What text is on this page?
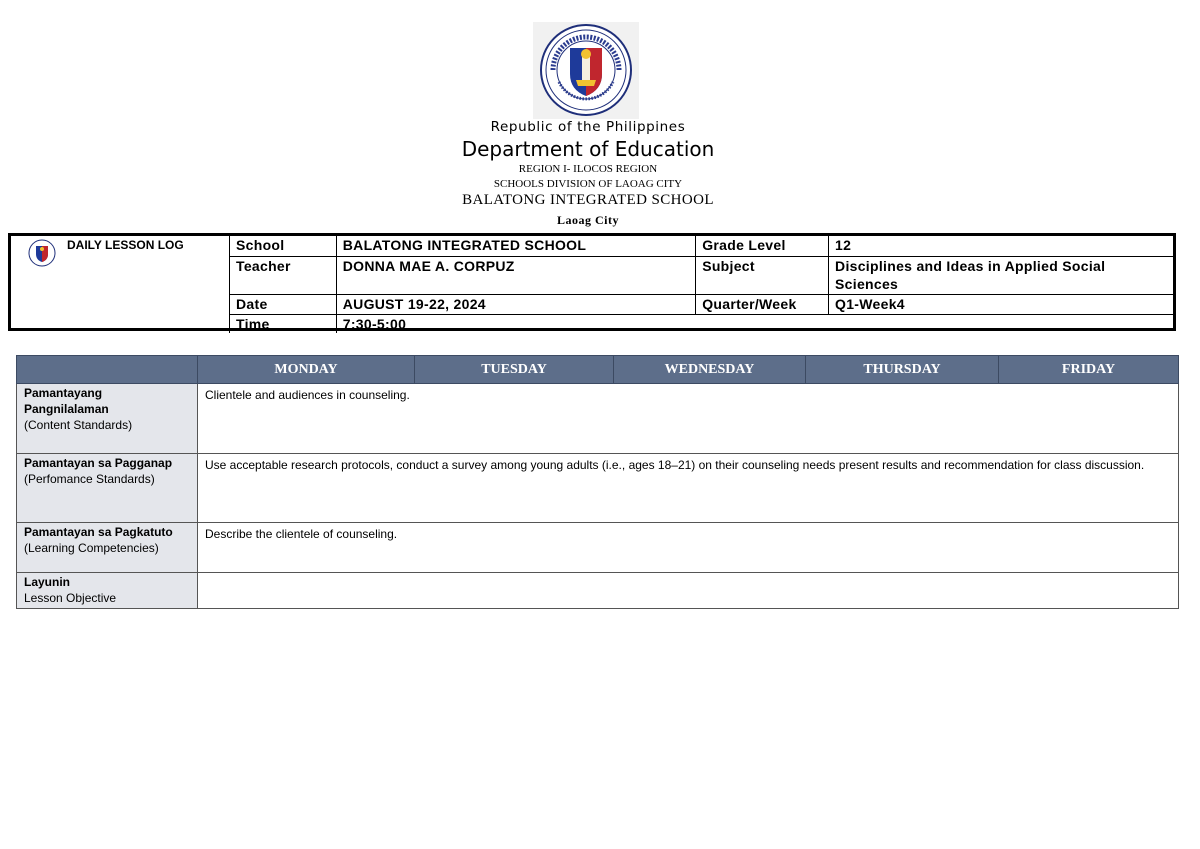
Republic of the Philippines
Department of Education
REGION I- ILOCOS REGION
SCHOOLS DIVISION OF LAOAG CITY
BALATONG INTEGRATED SCHOOL
Laoag City
DAILY LESSON LOG	School	BALATONG INTEGRATED SCHOOL	Grade Level	12
Teacher	DONNA MAE A. CORPUZ	Subject	Disciplines and Ideas in Applied Social Sciences
Date	AUGUST 19-22, 2024	Quarter/Week	Q1-Week4
Time	7:30-5:00		
	MONDAY	TUESDAY	WEDNESDAY	THURSDAY	FRIDAY

Pamantayang Pangnilalaman
(Content Standards)	Clientele and audiences in counseling.				

Pamantayan sa Pagganap
(Perfomance Standards)	Use acceptable research protocols, conduct a survey among young adults (i.e., ages 18–21) on their counseling needs present results and recommendation for class discussion.				

Pamantayan sa Pagkatuto
(Learning Competencies)	Describe the clientele of counseling.				

Layunin
Lesson Objective					
